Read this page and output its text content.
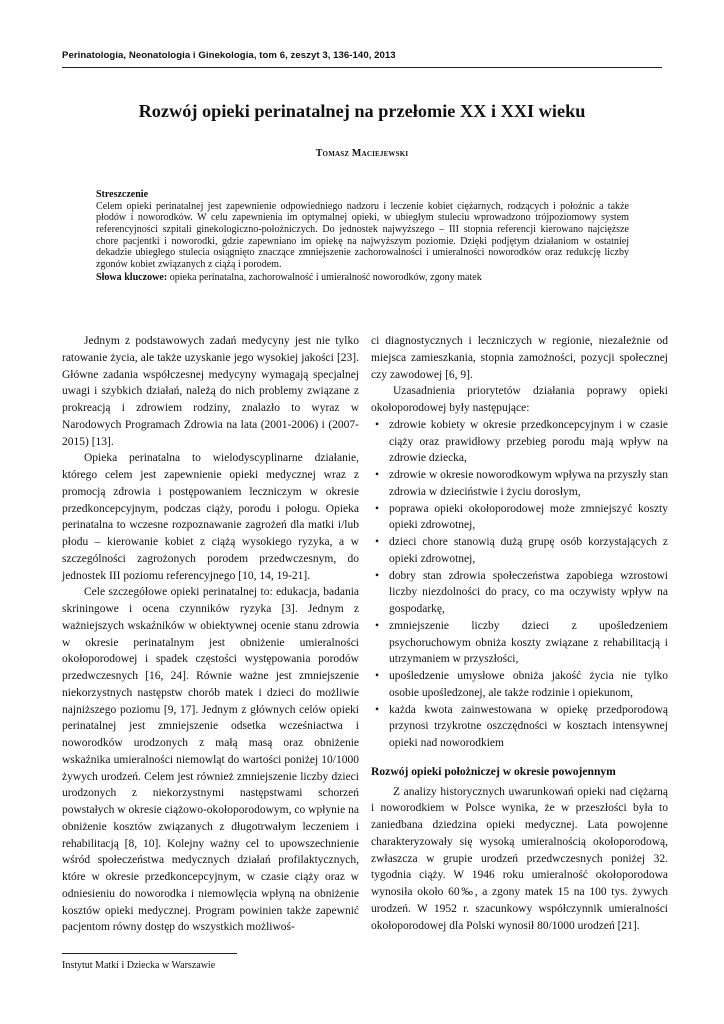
Perinatologia, Neonatologia i Ginekologia, tom 6, zeszyt 3, 136-140, 2013
Rozwój opieki perinatalnej na przełomie XX i XXI wieku
Tomasz Maciejewski
Streszczenie

Celem opieki perinatalnej jest zapewnienie odpowiedniego nadzoru i leczenie kobiet ciężarnych, rodzących i położnic a także płodów i noworodków. W celu zapewnienia im optymalnej opieki, w ubiegłym stuleciu wprowadzono trójpoziomowy system referencyjności szpitali ginekologiczno-położniczych. Do jednostek najwyższego – III stopnia referencji kierowano najcięższe chore pacjentki i noworodki, gdzie zapewniano im opiekę na najwyższym poziomie. Dzięki podjętym działaniom w ostatniej dekadzie ubiegłego stulecia osiągnięto znaczące zmniejszenie zachorowalności i umieralności noworodków oraz redukcję liczby zgonów kobiet związanych z ciążą i porodem.

Słowa kluczowe: opieka perinatalna, zachorowalność i umieralność noworodków, zgony matek

Jednym z podstawowych zadań medycyny jest nie tylko ratowanie życia, ale także uzyskanie jego wysokiej jakości [23]. Główne zadania współczesnej medycyny wymagają specjalnej uwagi i szybkich działań, należą do nich problemy związane z prokreacją i zdrowiem rodziny, znalazło to wyraz w Narodowych Programach Zdrowia na lata (2001-2006) i (2007-2015) [13].

Opieka perinatalna to wielodyscyplinarne działanie, którego celem jest zapewnienie opieki medycznej wraz z promocją zdrowia i postępowaniem leczniczym w okresie przedkoncepcyjnym, podczas ciąży, porodu i połogu. Opieka perinatalna to wczesne rozpoznawanie zagrożeń dla matki i/lub płodu – kierowanie kobiet z ciążą wysokiego ryzyka, a w szczególności zagrożonych porodem przedwczesnym, do jednostek III poziomu referencyjnego [10, 14, 19-21].

Cele szczegółowe opieki perinatalnej to: edukacja, badania skriningowe i ocena czynników ryzyka [3]. Jednym z ważniejszych wskaźników w obiektywnej ocenie stanu zdrowia w okresie perinatalnym jest obniżenie umieralności okołoporodowej i spadek częstości występowania porodów przedwczesnych [16, 24]. Równie ważne jest zmniejszenie niekorzystnych następstw chorób matek i dzieci do możliwie najniższego poziomu [9, 17]. Jednym z głównych celów opieki perinatalnej jest zmniejszenie odsetka wcześniactwa i noworodków urodzonych z małą masą oraz obniżenie wskaźnika umieralności niemowląt do wartości poniżej 10/1000 żywych urodzeń. Celem jest również zmniejszenie liczby dzieci urodzonych z niekorzystnymi następstwami schorzeń powstałych w okresie ciążowo-okołoporodowym, co wpłynie na obniżenie kosztów związanych z długotrwałym leczeniem i rehabilitacją [8, 10]. Kolejny ważny cel to upowszechnienie wśród społeczeństwa medycznych działań profilaktycznych, które w okresie przedkoncepcyjnym, w czasie ciąży oraz w odniesieniu do noworodka i niemowlęcia wpłyną na obniżenie kosztów opieki medycznej. Program powinien także zapewnić pacjentom równy dostęp do wszystkich możliwoś-

ci diagnostycznych i leczniczych w regionie, niezależnie od miejsca zamieszkania, stopnia zamożności, pozycji społecznej czy zawodowej [6, 9].

Uzasadnienia priorytetów działania poprawy opieki okołoporodowej były następujące:

• zdrowie kobiety w okresie przedkoncepcyjnym i w czasie ciąży oraz prawidłowy przebieg porodu mają wpływ na zdrowie dziecka,
• zdrowie w okresie noworodkowym wpływa na przyszły stan zdrowia w dzieciństwie i życiu dorosłym,
• poprawa opieki okołoporodowej może zmniejszyć koszty opieki zdrowotnej,
• dzieci chore stanowią dużą grupę osób korzystających z opieki zdrowotnej,
• dobry stan zdrowia społeczeństwa zapobiega wzrostowi liczby niezdolności do pracy, co ma oczywisty wpływ na gospodarkę,
• zmniejszenie liczby dzieci z upośledzeniem psychoruchowym obniża koszty związane z rehabilitacją i utrzymaniem w przyszłości,
• upośledzenie umysłowe obniża jakość życia nie tylko osobie upośledzonej, ale także rodzinie i opiekunom,
• każda kwota zainwestowana w opiekę przedporodową przynosi trzykrotne oszczędności w kosztach intensywnej opieki nad noworodkiem
Rozwój opieki położniczej w okresie powojennym

Z analizy historycznych uwarunkowań opieki nad ciężarną i noworodkiem w Polsce wynika, że w przeszłości była to zaniedbana dziedzina opieki medycznej. Lata powojenne charakteryzowały się wysoką umieralnością okołoporodową, zwłaszcza w grupie urodzeń przedwczesnych poniżej 32. tygodnia ciąży. W 1946 roku umieralność okołoporodowa wynosiła około 60‰, a zgony matek 15 na 100 tys. żywych urodzeń. W 1952 r. szacunkowy współczynnik umieralności okołoporodowej dla Polski wynosił 80/1000 urodzeń [21].

Instytut Matki i Dziecka w Warszawie
